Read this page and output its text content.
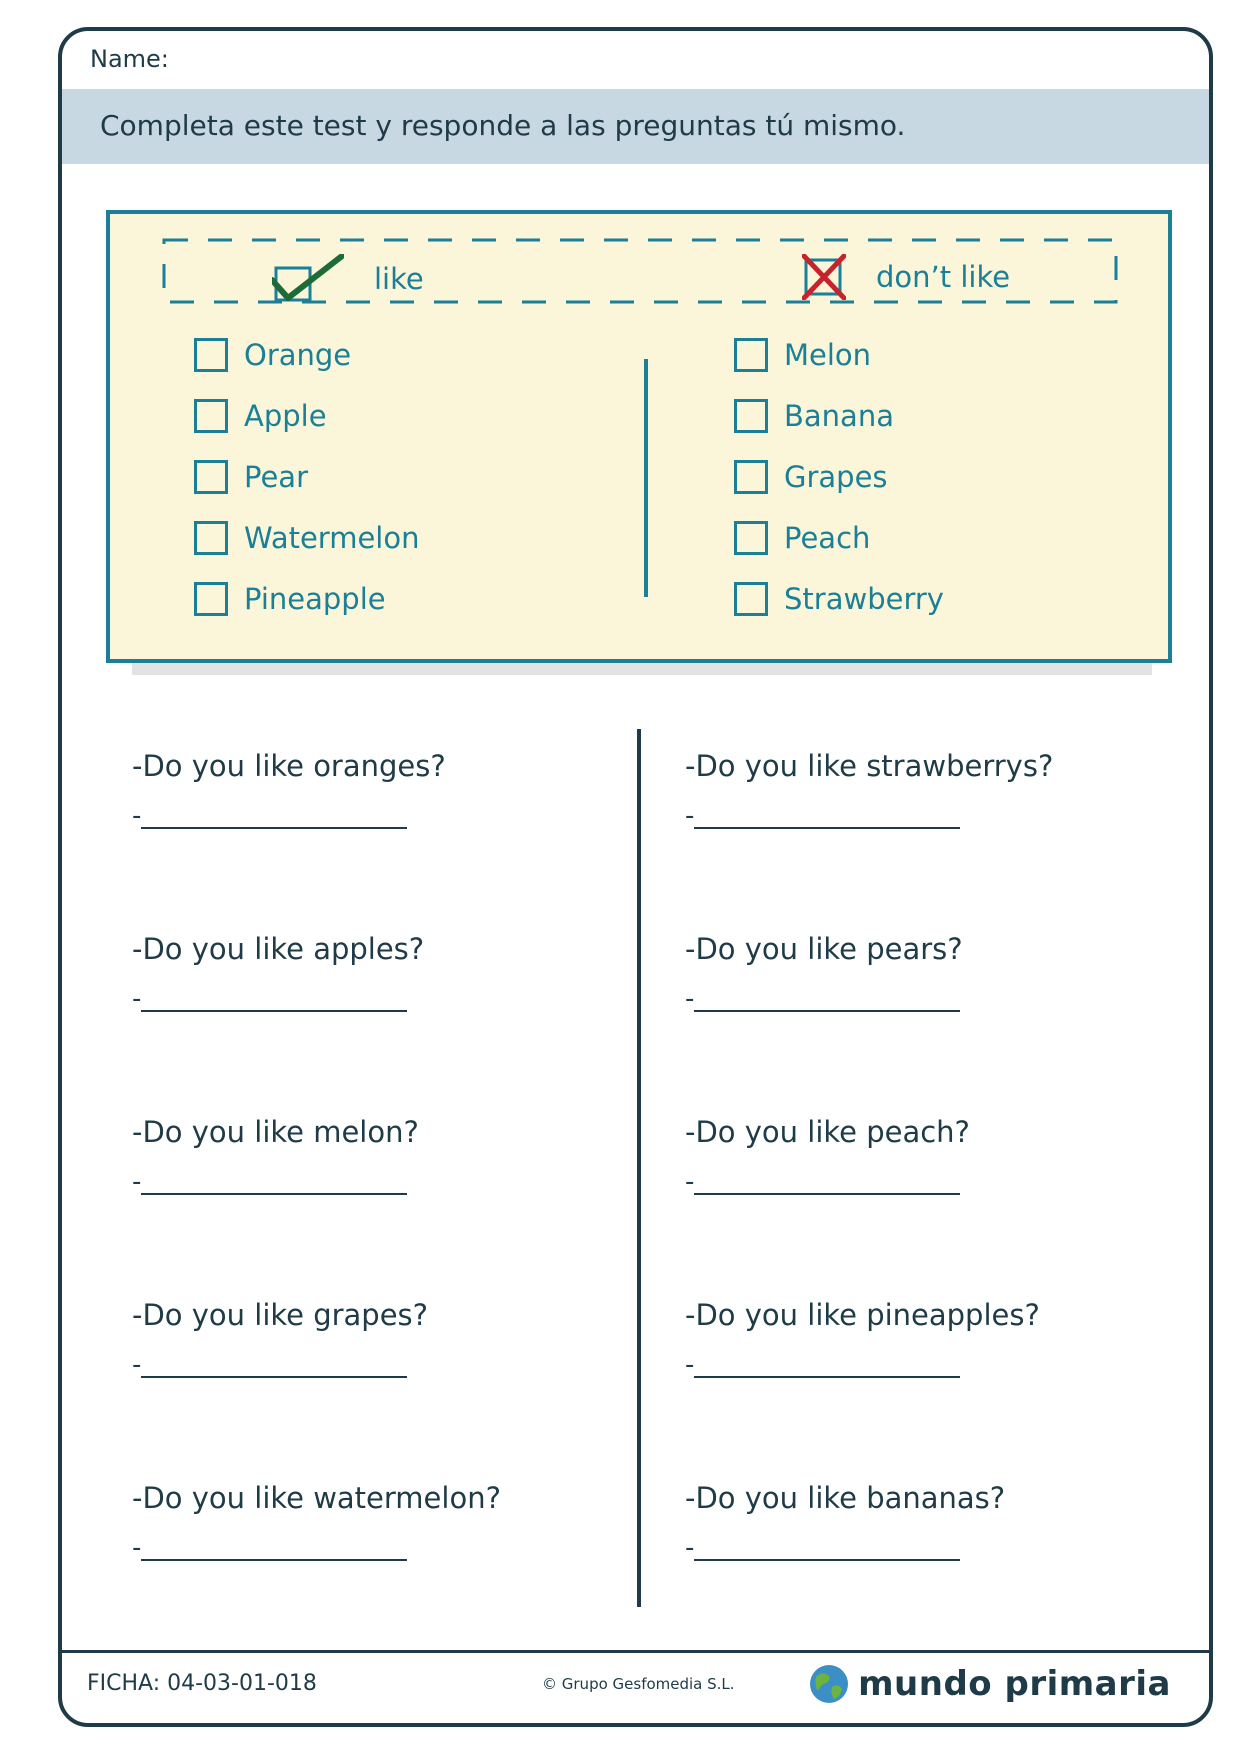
Name:
Completa este test y responde a las preguntas tú mismo.
like	don’t like
Orange
Apple
Pear
Watermelon
Pineapple
Melon
Banana
Grapes
Peach
Strawberry
-Do you like oranges?
-
-Do you like apples?
-
-Do you like melon?
-
-Do you like grapes?
-
-Do you like watermelon?
-
-Do you like strawberrys?
-
-Do you like pears?
-
-Do you like peach?
-
-Do you like pineapples?
-
-Do you like bananas?
-
FICHA: 04-03-01-018	© Grupo Gesfomedia S.L.	mundo primaria
